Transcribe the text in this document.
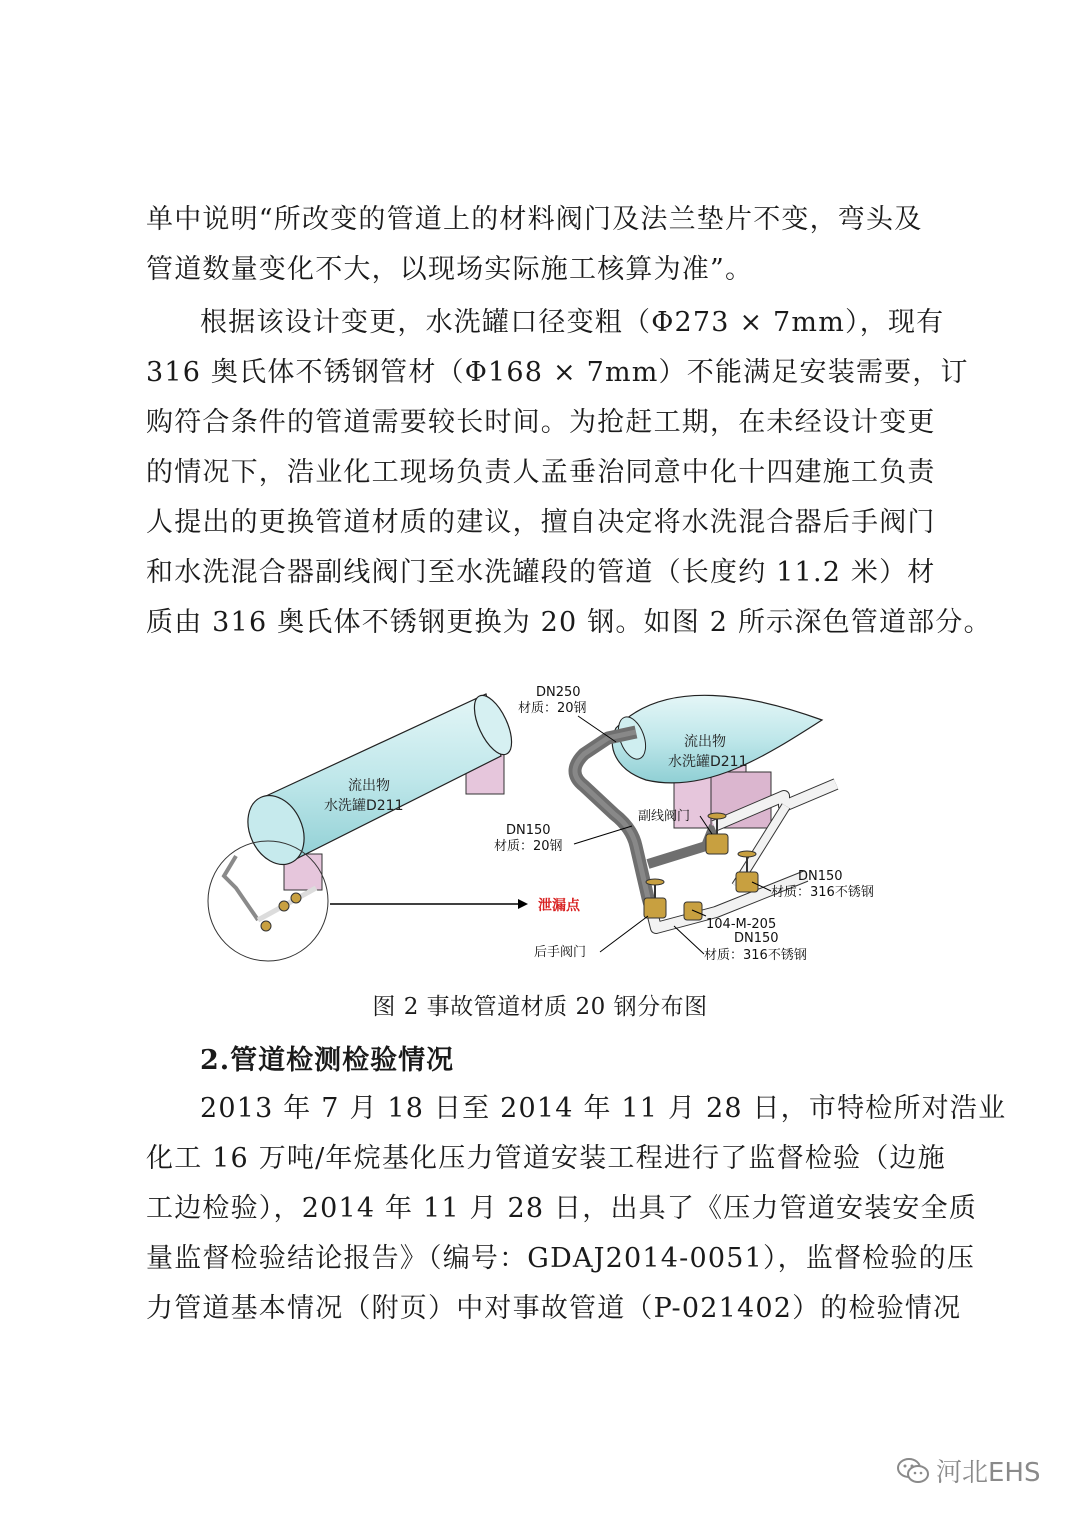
单中说明“所改变的管道上的材料阀门及法兰垫片不变，弯头及
管道数量变化不大，以现场实际施工核算为准”。
根据该设计变更，水洗罐口径变粗（Φ273 × 7mm），现有
316 奥氏体不锈钢管材（Φ168 × 7mm）不能满足安装需要，订
购符合条件的管道需要较长时间。为抢赶工期，在未经设计变更
的情况下，浩业化工现场负责人孟垂治同意中化十四建施工负责
人提出的更换管道材质的建议，擅自决定将水洗混合器后手阀门
和水洗混合器副线阀门至水洗罐段的管道（长度约 11.2 米）材
质由 316 奥氏体不锈钢更换为 20 钢。如图 2 所示深色管道部分。
流出物
水洗罐D211
泄漏点
流出物
水洗罐D211
DN250
材质：20钢
DN150
材质：20钢
副线阀门
DN150
材质：316不锈钢
104-M-205
DN150
材质：316不锈钢
后手阀门
图 2 事故管道材质 20 钢分布图
2.管道检测检验情况
2013 年 7 月 18 日至 2014 年 11 月 28 日，市特检所对浩业
化工 16 万吨/年烷基化压力管道安装工程进行了监督检验（边施
工边检验），2014 年 11 月 28 日，出具了《压力管道安装安全质
量监督检验结论报告》（编号：GDAJ2014-0051），监督检验的压
力管道基本情况（附页）中对事故管道（P-021402）的检验情况
河北EHS
